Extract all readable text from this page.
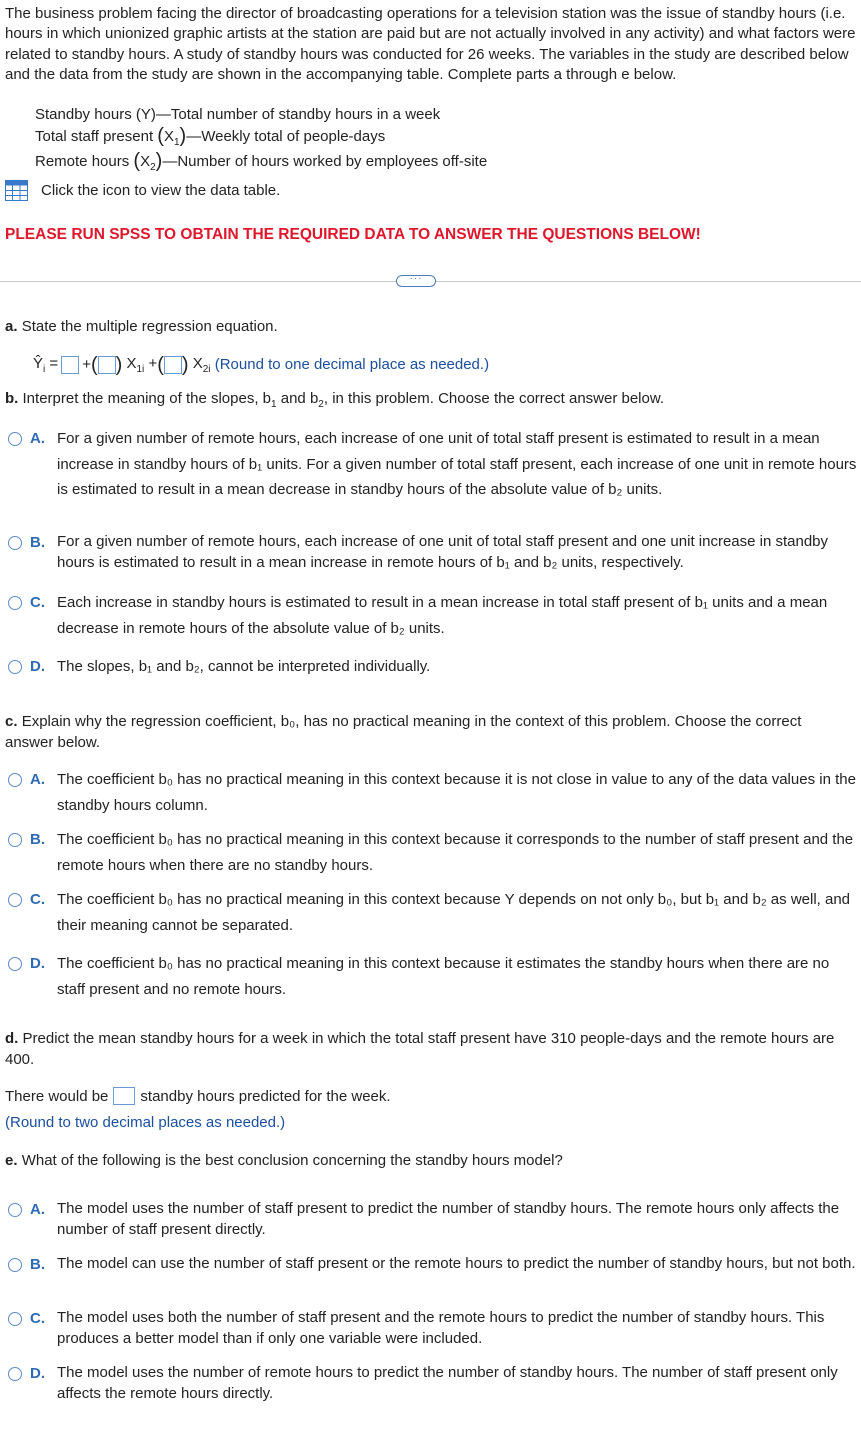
The business problem facing the director of broadcasting operations for a television station was the issue of standby hours (i.e. hours in which unionized graphic artists at the station are paid but are not actually involved in any activity) and what factors were related to standby hours. A study of standby hours was conducted for 26 weeks. The variables in the study are described below and the data from the study are shown in the accompanying table. Complete parts a through e below.

Standby hours (Y)—Total number of standby hours in a week
Total staff present $(X_1)—Weekly$ total of people-days
Remote hours $(X_2)—Number$ of hours worked by employees off-site
Click the icon to view the data table.
PLEASE RUN SPSS TO OBTAIN THE REQUIRED DATA TO ANSWER THE QUESTIONS BELOW!
···
a. State the multiple regression equation.
$Ŷ_i$ = + ( ) $X_{1i}$ + ( ) $X_{2i}$ (Round to one decimal place as needed.)
b. Interpret the meaning of the slopes, $b_1$ and $b_2$, in this problem. Choose the correct answer below.
A. For a given number of remote hours, each increase of one unit of total staff present is estimated to result in a mean increase in standby hours of b₁ units. For a given number of total staff present, each increase of one unit in remote hours is estimated to result in a mean decrease in standby hours of the absolute value of b₂ units.
B. For a given number of remote hours, each increase of one unit of total staff present and one unit increase in standby hours is estimated to result in a mean increase in remote hours of b₁ and b₂ units, respectively.
C. Each increase in standby hours is estimated to result in a mean increase in total staff present of b₁ units and a mean decrease in remote hours of the absolute value of b₂ units.
D. The slopes, b₁ and b₂, cannot be interpreted individually.
c. Explain why the regression coefficient, b₀, has no practical meaning in the context of this problem. Choose the correct answer below.
A. The coefficient b₀ has no practical meaning in this context because it is not close in value to any of the data values in the standby hours column.
B. The coefficient b₀ has no practical meaning in this context because it corresponds to the number of staff present and the remote hours when there are no standby hours.
C. The coefficient b₀ has no practical meaning in this context because Y depends on not only b₀, but b₁ and b₂ as well, and their meaning cannot be separated.
D. The coefficient b₀ has no practical meaning in this context because it estimates the standby hours when there are no staff present and no remote hours.
d. Predict the mean standby hours for a week in which the total staff present have 310 people-days and the remote hours are 400.
There would be standby hours predicted for the week.
(Round to two decimal places as needed.)
e. What of the following is the best conclusion concerning the standby hours model?
A. The model uses the number of staff present to predict the number of standby hours. The remote hours only affects the number of staff present directly.
B. The model can use the number of staff present or the remote hours to predict the number of standby hours, but not both.
C. The model uses both the number of staff present and the remote hours to predict the number of standby hours. This produces a better model than if only one variable were included.
D. The model uses the number of remote hours to predict the number of standby hours. The number of staff present only affects the remote hours directly.
